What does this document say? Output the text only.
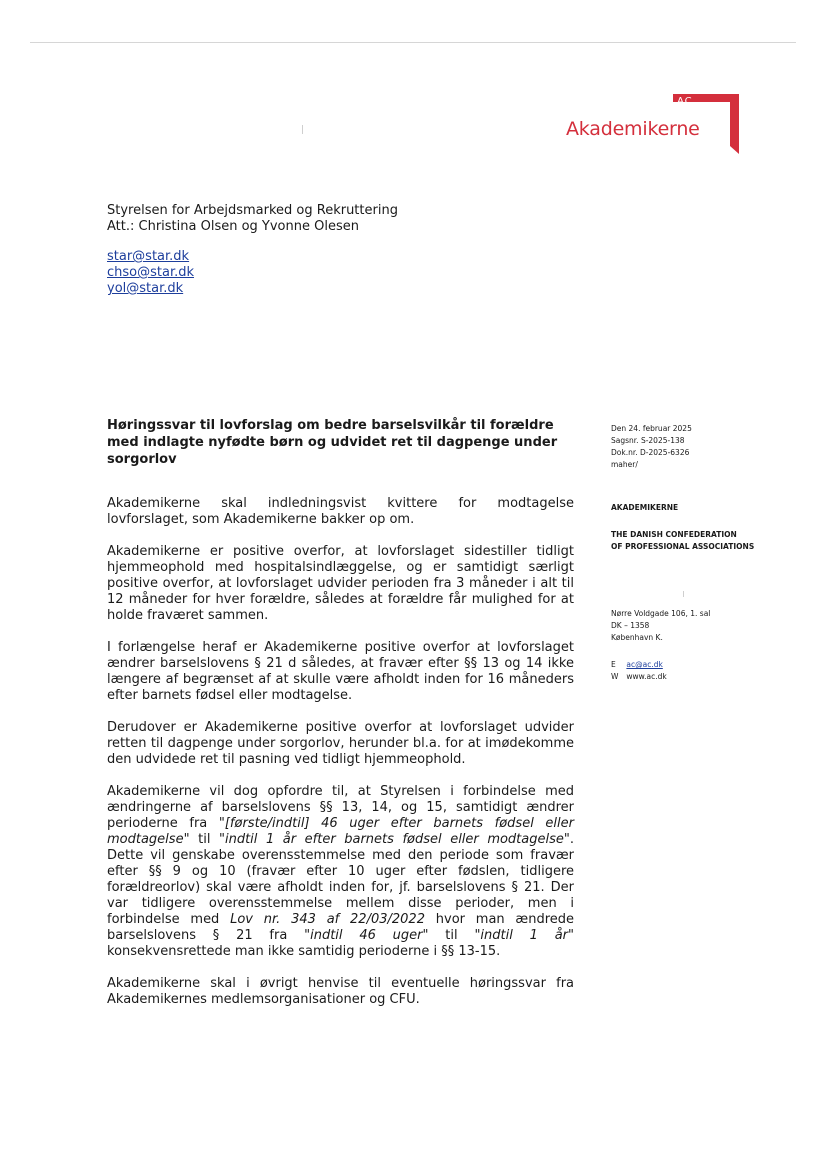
AC
Akademikerne
Styrelsen for Arbejdsmarked og Rekruttering
Att.: Christina Olsen og Yvonne Olesen
star@star.dk
chso@star.dk
yol@star.dk
Høringssvar til lovforslag om bedre barselsvilkår til forældre med indlagte nyfødte børn og udvidet ret til dagpenge under sorgorlov
Den 24. februar 2025
Sagsnr. S-2025-138
Dok.nr. D-2025-6326
maher/
AKADEMIKERNE
THE DANISH CONFEDERATION
OF PROFESSIONAL ASSOCIATIONS
Nørre Voldgade 106, 1. sal
DK – 1358
København K.
E ac@ac.dk
W www.ac.dk

Akademikerne skal indledningsvist kvittere for modtagelse lovforslaget, som Akademikerne bakker op om.

Akademikerne er positive overfor, at lovforslaget sidestiller tidligt hjemmeophold med hospitalsindlæggelse, og er samtidigt særligt positive overfor, at lovforslaget udvider perioden fra 3 måneder i alt til 12 måneder for hver forældre, således at forældre får mulighed for at holde fraværet sammen.

I forlængelse heraf er Akademikerne positive overfor at lovforslaget ændrer barselslovens § 21 d således, at fravær efter §§ 13 og 14 ikke længere af begrænset af at skulle være afholdt inden for 16 måneders efter barnets fødsel eller modtagelse.

Derudover er Akademikerne positive overfor at lovforslaget udvider retten til dagpenge under sorgorlov, herunder bl.a. for at imødekomme den udvidede ret til pasning ved tidligt hjemmeophold.

Akademikerne vil dog opfordre til, at Styrelsen i forbindelse med ændringerne af barselslovens §§ 13, 14, og 15, samtidigt ændrer perioderne fra "[første/indtil] 46 uger efter barnets fødsel eller modtagelse" til "indtil 1 år efter barnets fødsel eller modtagelse". Dette vil genskabe overensstemmelse med den periode som fravær efter §§ 9 og 10 (fravær efter 10 uger efter fødslen, tidligere forældreorlov) skal være afholdt inden for, jf. barselslovens § 21. Der var tidligere overensstemmelse mellem disse perioder, men i forbindelse med Lov nr. 343 af 22/03/2022 hvor man ændrede barselslovens § 21 fra "indtil 46 uger" til "indtil 1 år" konsekvensrettede man ikke samtidig perioderne i §§ 13-15.

Akademikerne skal i øvrigt henvise til eventuelle høringssvar fra Akademikernes medlemsorganisationer og CFU.
